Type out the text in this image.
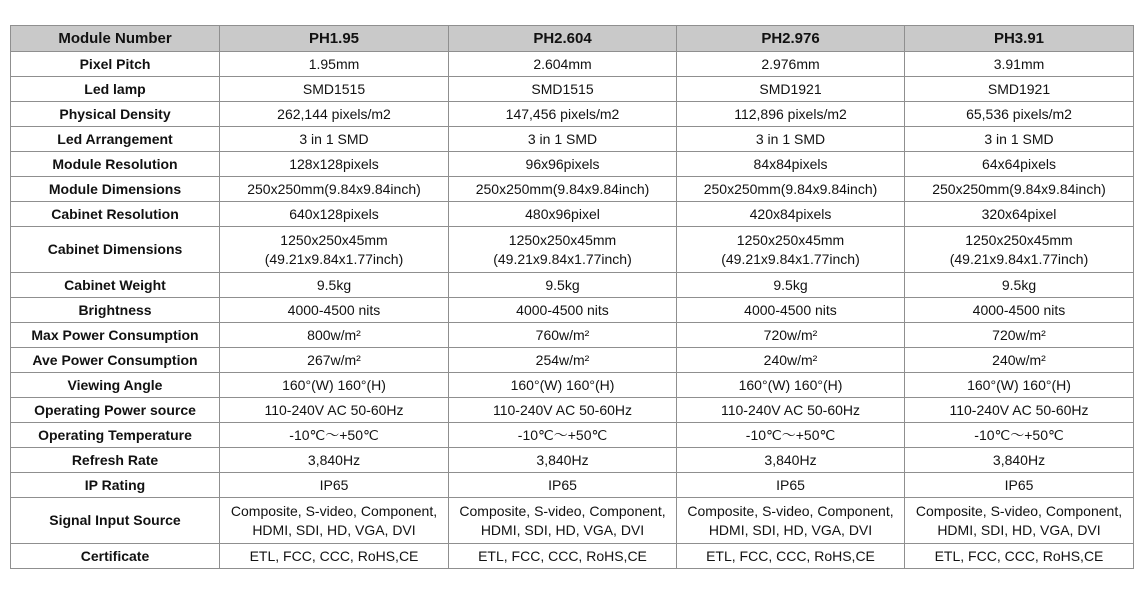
Module Number	PH1.95	PH2.604	PH2.976	PH3.91
Pixel Pitch	1.95mm	2.604mm	2.976mm	3.91mm

Led lamp	SMD1515	SMD1515	SMD1921	SMD1921

Physical Density	262,144 pixels/m2	147,456 pixels/m2	112,896 pixels/m2	65,536 pixels/m2

Led Arrangement	3 in 1 SMD	3 in 1 SMD	3 in 1 SMD	3 in 1 SMD

Module Resolution	128x128pixels	96x96pixels	84x84pixels	64x64pixels

Module Dimensions	250x250mm(9.84x9.84inch)	250x250mm(9.84x9.84inch)	250x250mm(9.84x9.84inch)	250x250mm(9.84x9.84inch)

Cabinet Resolution	640x128pixels	480x96pixel	420x84pixels	320x64pixel

Cabinet Dimensions	1250x250x45mm
(49.21x9.84x1.77inch)	1250x250x45mm
(49.21x9.84x1.77inch)	1250x250x45mm
(49.21x9.84x1.77inch)	1250x250x45mm
(49.21x9.84x1.77inch)

Cabinet Weight	9.5kg	9.5kg	9.5kg	9.5kg

Brightness	4000-4500 nits	4000-4500 nits	4000-4500 nits	4000-4500 nits

Max Power Consumption	800w/m²	760w/m²	720w/m²	720w/m²

Ave Power Consumption	267w/m²	254w/m²	240w/m²	240w/m²

Viewing Angle	160°(W) 160°(H)	160°(W) 160°(H)	160°(W) 160°(H)	160°(W) 160°(H)

Operating Power source	110-240V AC 50-60Hz	110-240V AC 50-60Hz	110-240V AC 50-60Hz	110-240V AC 50-60Hz

Operating Temperature	-10℃～+50℃	-10℃～+50℃	-10℃～+50℃	-10℃～+50℃

Refresh Rate	3,840Hz	3,840Hz	3,840Hz	3,840Hz

IP Rating	IP65	IP65	IP65	IP65

Signal Input Source	Composite, S-video, Component,
HDMI, SDI, HD, VGA, DVI	Composite, S-video, Component,
HDMI, SDI, HD, VGA, DVI	Composite, S-video, Component,
HDMI, SDI, HD, VGA, DVI	Composite, S-video, Component,
HDMI, SDI, HD, VGA, DVI

Certificate	ETL, FCC, CCC, RoHS,CE	ETL, FCC, CCC, RoHS,CE	ETL, FCC, CCC, RoHS,CE	ETL, FCC, CCC, RoHS,CE
